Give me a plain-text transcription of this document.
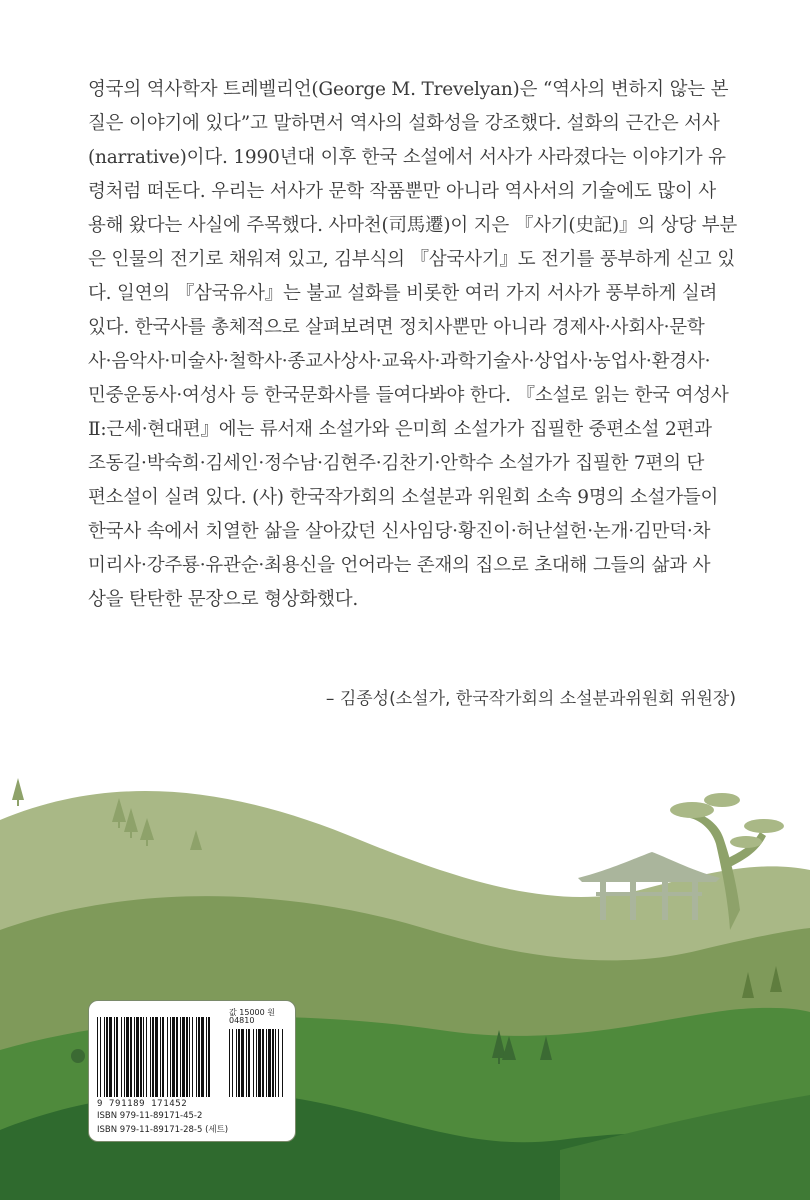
영국의 역사학자 트레벨리언(George M. Trevelyan)은 “역사의 변하지 않는 본
질은 이야기에 있다”고 말하면서 역사의 설화성을 강조했다. 설화의 근간은 서사
(narrative)이다. 1990년대 이후 한국 소설에서 서사가 사라졌다는 이야기가 유
령처럼 떠돈다. 우리는 서사가 문학 작품뿐만 아니라 역사서의 기술에도 많이 사
용해 왔다는 사실에 주목했다. 사마천(司馬遷)이 지은 『사기(史記)』의 상당 부분
은 인물의 전기로 채워져 있고, 김부식의 『삼국사기』도 전기를 풍부하게 싣고 있
다. 일연의 『삼국유사』는 불교 설화를 비롯한 여러 가지 서사가 풍부하게 실려
있다. 한국사를 총체적으로 살펴보려면 정치사뿐만 아니라 경제사·사회사·문학
사·음악사·미술사·철학사·종교사상사·교육사·과학기술사·상업사·농업사·환경사·
민중운동사·여성사 등 한국문화사를 들여다봐야 한다. 『소설로 읽는 한국 여성사
Ⅱ:근세·현대편』에는 류서재 소설가와 은미희 소설가가 집필한 중편소설 2편과
조동길·박숙희·김세인·정수남·김현주·김찬기·안학수 소설가가 집필한 7편의 단
편소설이 실려 있다. (사) 한국작가회의 소설분과 위원회 소속 9명의 소설가들이
한국사 속에서 치열한 삶을 살아갔던 신사임당·황진이·허난설헌·논개·김만덕·차
미리사·강주룡·유관순·최용신을 언어라는 존재의 집으로 초대해 그들의 삶과 사
상을 탄탄한 문장으로 형상화했다.
– 김종성(소설가, 한국작가회의 소설분과위원회 위원장)
값 15000 원
04810
9 791189 171452
ISBN 979-11-89171-45-2
ISBN 979-11-89171-28-5 (세트)
